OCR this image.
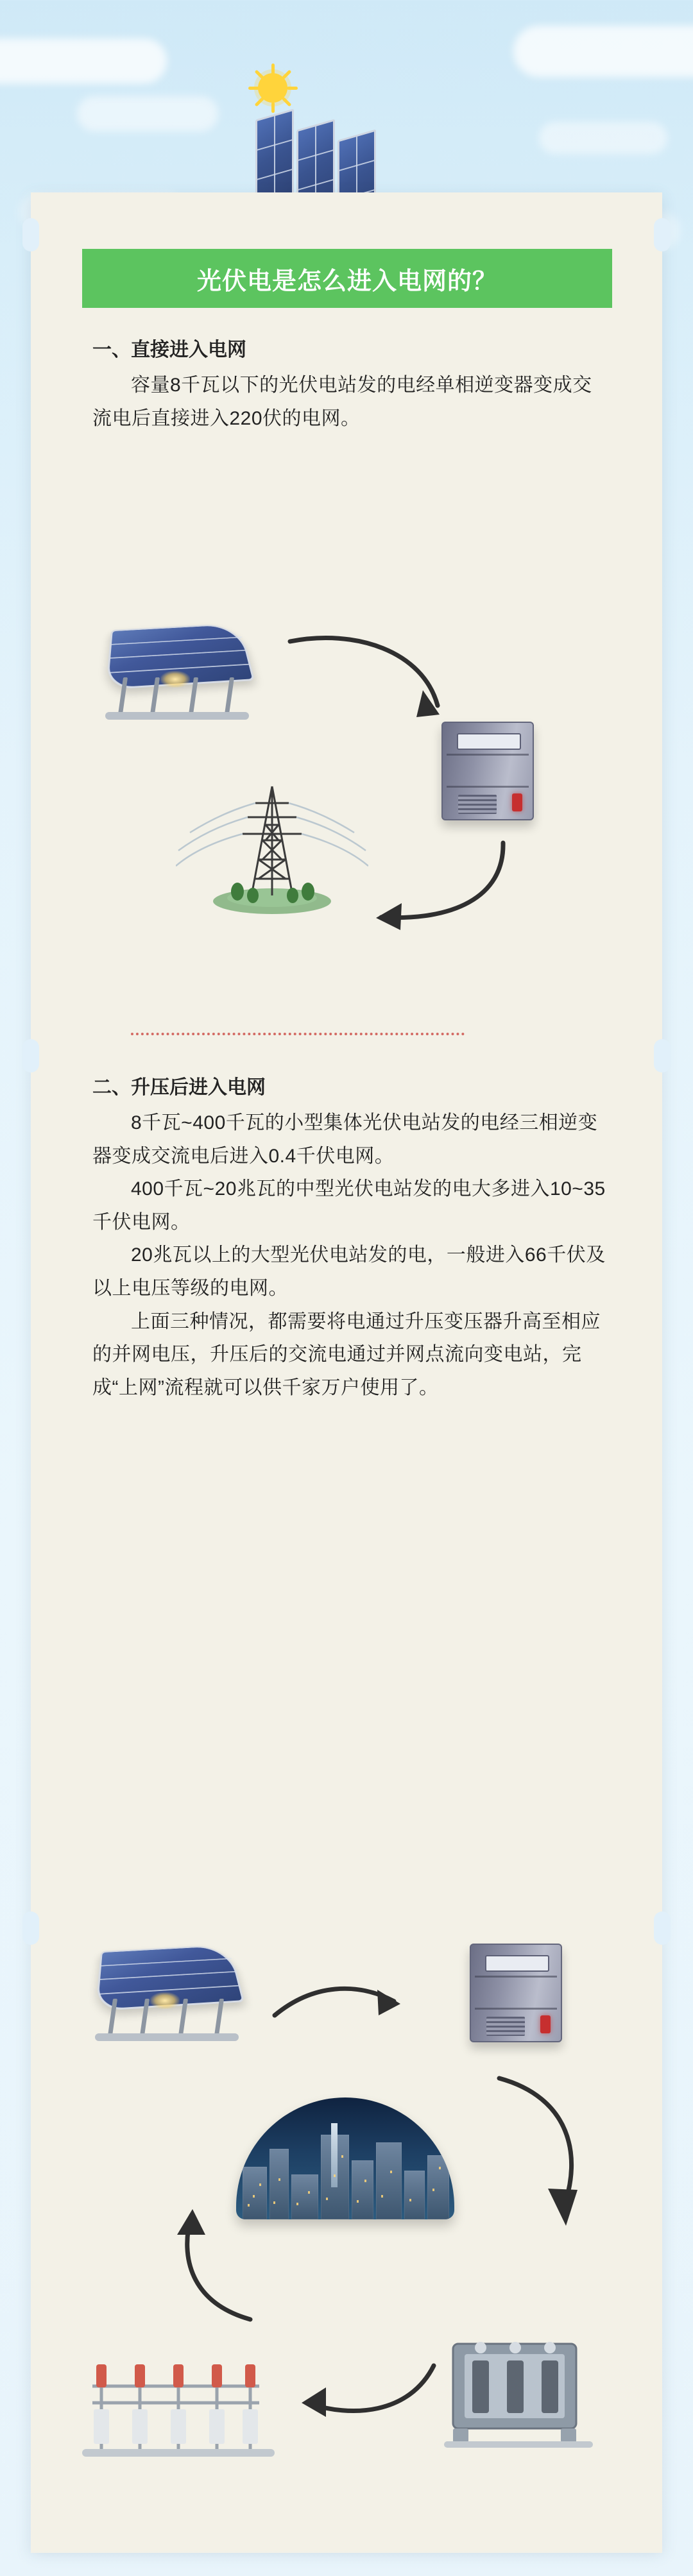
光伏电是怎么进入电网的？
一、直接进入电网

容量8千瓦以下的光伏电站发的电经单相逆变器变成交流电后直接进入220伏的电网。

二、升压后进入电网

8千瓦~400千瓦的小型集体光伏电站发的电经三相逆变器变成交流电后进入0.4千伏电网。

400千瓦~20兆瓦的中型光伏电站发的电大多进入10~35千伏电网。

20兆瓦以上的大型光伏电站发的电，一般进入66千伏及以上电压等级的电网。

上面三种情况，都需要将电通过升压变压器升高至相应的并网电压，升压后的交流电通过并网点流向变电站，完成“上网”流程就可以供千家万户使用了。
